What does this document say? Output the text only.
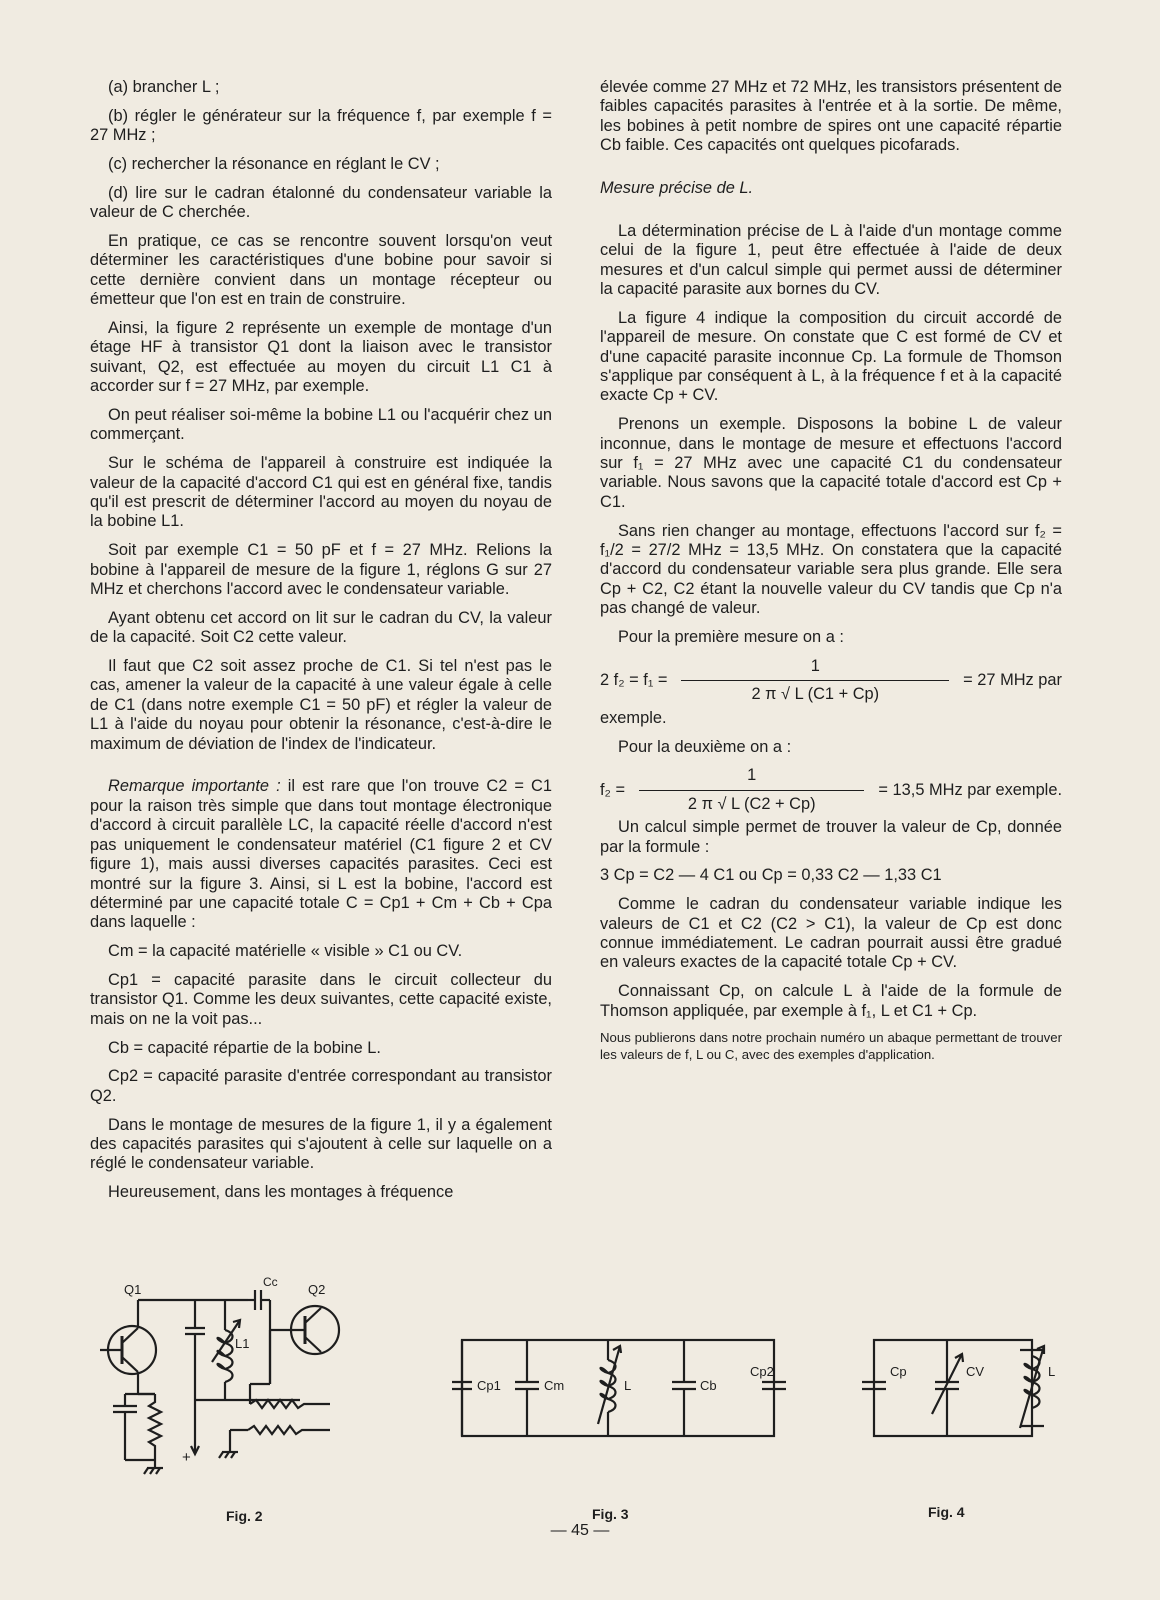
(a) brancher L ;

(b) régler le générateur sur la fréquence f, par exemple f = 27 MHz ;

(c) rechercher la résonance en réglant le CV ;

(d) lire sur le cadran étalonné du condensateur variable la valeur de C cherchée.

En pratique, ce cas se rencontre souvent lorsqu'on veut déterminer les caractéristiques d'une bobine pour savoir si cette dernière convient dans un montage récepteur ou émetteur que l'on est en train de construire.

Ainsi, la figure 2 représente un exemple de montage d'un étage HF à transistor Q1 dont la liaison avec le transistor suivant, Q2, est effectuée au moyen du circuit L1 C1 à accorder sur f = 27 MHz, par exemple.

On peut réaliser soi-même la bobine L1 ou l'acquérir chez un commerçant.

Sur le schéma de l'appareil à construire est indiquée la valeur de la capacité d'accord C1 qui est en général fixe, tandis qu'il est prescrit de déterminer l'accord au moyen du noyau de la bobine L1.

Soit par exemple C1 = 50 pF et f = 27 MHz. Relions la bobine à l'appareil de mesure de la figure 1, réglons G sur 27 MHz et cherchons l'accord avec le condensateur variable.

Ayant obtenu cet accord on lit sur le cadran du CV, la valeur de la capacité. Soit C2 cette valeur.

Il faut que C2 soit assez proche de C1. Si tel n'est pas le cas, amener la valeur de la capacité à une valeur égale à celle de C1 (dans notre exemple C1 = 50 pF) et régler la valeur de L1 à l'aide du noyau pour obtenir la résonance, c'est-à-dire le maximum de déviation de l'index de l'indicateur.

Remarque importante : il est rare que l'on trouve C2 = C1 pour la raison très simple que dans tout montage électronique d'accord à circuit parallèle LC, la capacité réelle d'accord n'est pas uniquement le condensateur matériel (C1 figure 2 et CV figure 1), mais aussi diverses capacités parasites. Ceci est montré sur la figure 3. Ainsi, si L est la bobine, l'accord est déterminé par une capacité totale C = Cp1 + Cm + Cb + Cpa dans laquelle :

Cm = la capacité matérielle « visible » C1 ou CV.

Cp1 = capacité parasite dans le circuit collecteur du transistor Q1. Comme les deux suivantes, cette capacité existe, mais on ne la voit pas...

Cb = capacité répartie de la bobine L.

Cp2 = capacité parasite d'entrée correspondant au transistor Q2.

Dans le montage de mesures de la figure 1, il y a également des capacités parasites qui s'ajoutent à celle sur laquelle on a réglé le condensateur variable.

Heureusement, dans les montages à fréquence

élevée comme 27 MHz et 72 MHz, les transistors présentent de faibles capacités parasites à l'entrée et à la sortie. De même, les bobines à petit nombre de spires ont une capacité répartie Cb faible. Ces capacités ont quelques picofarads.

Mesure précise de L.

La détermination précise de L à l'aide d'un montage comme celui de la figure 1, peut être effectuée à l'aide de deux mesures et d'un calcul simple qui permet aussi de déterminer la capacité parasite aux bornes du CV.

La figure 4 indique la composition du circuit accordé de l'appareil de mesure. On constate que C est formé de CV et d'une capacité parasite inconnue Cp. La formule de Thomson s'applique par conséquent à L, à la fréquence f et à la capacité exacte Cp + CV.

Prenons un exemple. Disposons la bobine L de valeur inconnue, dans le montage de mesure et effectuons l'accord sur f₁ = 27 MHz avec une capacité C1 du condensateur variable. Nous savons que la capacité totale d'accord est Cp + C1.

Sans rien changer au montage, effectuons l'accord sur f₂ = f₁/2 = 27/2 MHz = 13,5 MHz. On constatera que la capacité d'accord du condensateur variable sera plus grande. Elle sera Cp + C2, C2 étant la nouvelle valeur du CV tandis que Cp n'a pas changé de valeur.

Pour la première mesure on a :

2 $f_2 = f_1 = \frac{1}{2 \pi √ L (C1 + Cp)} = 27$ MHz par

exemple.

Pour la deuxième on a :

$f_2 = \frac{1}{2 \pi √ L (C2 + Cp)} = 13,5$ MHz par exemple.

Un calcul simple permet de trouver la valeur de Cp, donnée par la formule :

3 Cp = C2 — 4 C1 ou Cp = 0,33 C2 — 1,33 C1

Comme le cadran du condensateur variable indique les valeurs de C1 et C2 (C2 > C1), la valeur de Cp est donc connue immédiatement. Le cadran pourrait aussi être gradué en valeurs exactes de la capacité totale Cp + CV.

Connaissant Cp, on calcule L à l'aide de la formule de Thomson appliquée, par exemple à f₁, L et C1 + Cp.

Nous publierons dans notre prochain numéro un abaque permettant de trouver les valeurs de f, L ou C, avec des exemples d'application.

Q1	Q2
Cc
L1
+
Fig. 2
Cp1	Cm	L	Cb
Cp2
Fig. 3
Cp	CV	L
Fig. 4
— 45 —
